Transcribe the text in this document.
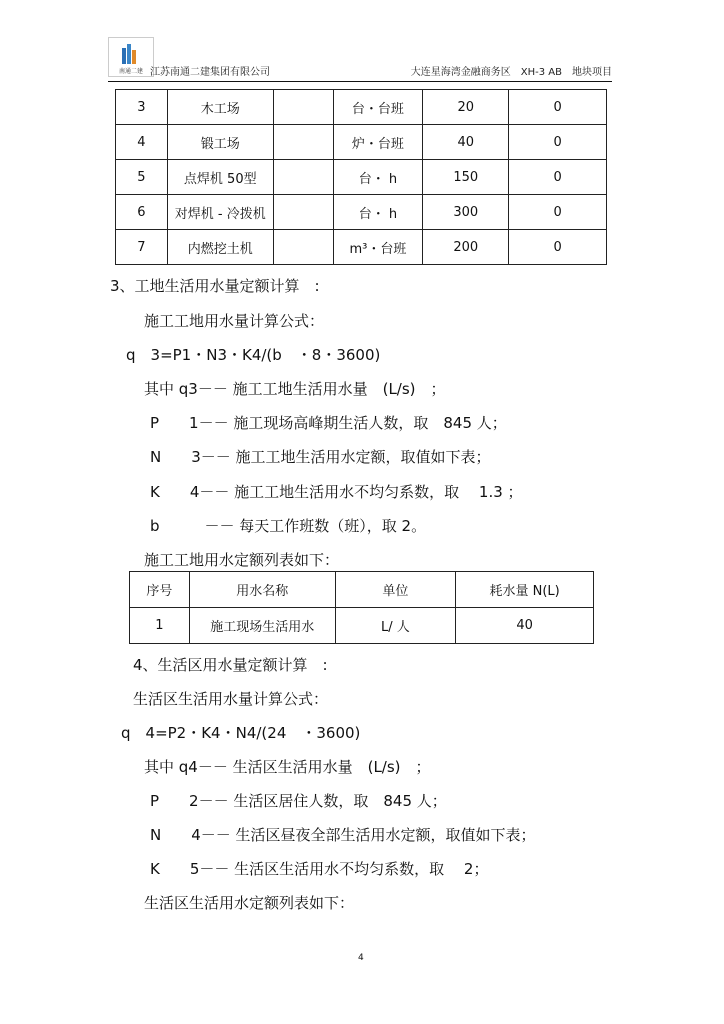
南通二建 江苏南通二建集团有限公司	大连星海湾金融商务区　XH-3 AB　地块项目
3	木工场		台・台班	20	0
4	锻工场		炉・台班	40	0
5	点焊机 50型		台・ h	150	0
6	对焊机 - 冷拨机		台・ h	300	0
7	内燃挖土机		m³・台班	200	0
3、工地生活用水量定额计算　:
施工工地用水量计算公式：
q　3=P1・N3・K4/(b　・8・3600)
其中 q3－－ 施工工地生活用水量　(L/s)　；
P　　1－－ 施工现场高峰期生活人数，取　845 人；
N　　3－－ 施工工地生活用水定额，取值如下表；
K　　4－－ 施工工地生活用水不均匀系数，取　 1.3 ；
b　　　－－ 每天工作班数（班），取 2。
施工工地用水定额列表如下：
序号	用水名称	单位	耗水量 N(L)
1	施工现场生活用水	L/ 人	40
4、生活区用水量定额计算　:
生活区生活用水量计算公式：
q　4=P2・K4・N4/(24　・3600)
其中 q4－－ 生活区生活用水量　(L/s)　；
P　　2－－ 生活区居住人数，取　845 人；
N　　4－－ 生活区昼夜全部生活用水定额，取值如下表；
K　　5－－ 生活区生活用水不均匀系数，取　 2；
生活区生活用水定额列表如下：
4
